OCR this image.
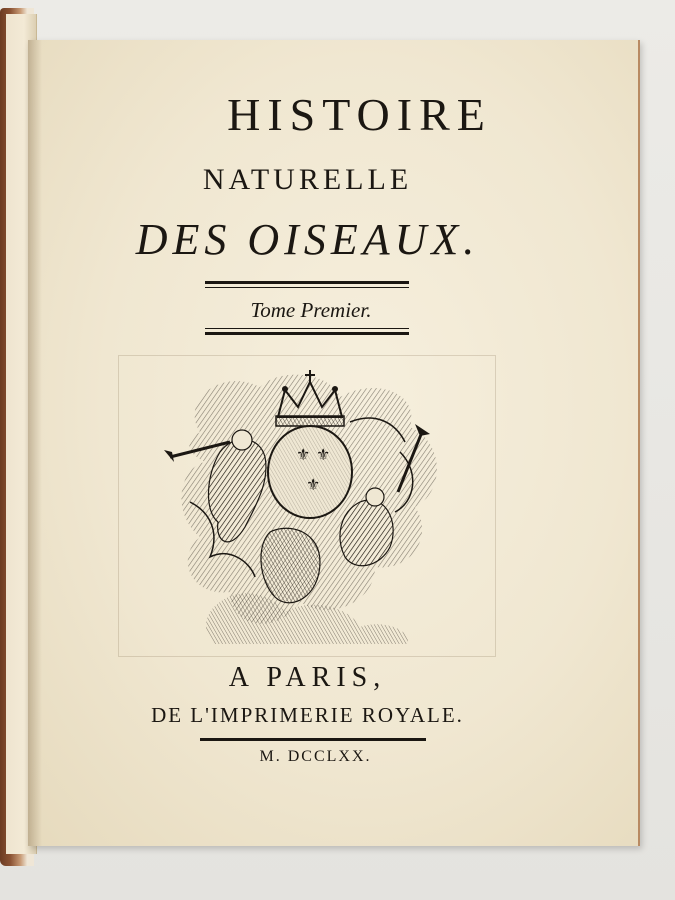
HISTOIRE
NATURELLE
DES OISEAUX.
Tome Premier.
⚜ ⚜
⚜
A PARIS,
DE L'IMPRIMERIE ROYALE.
M. DCCLXX.
